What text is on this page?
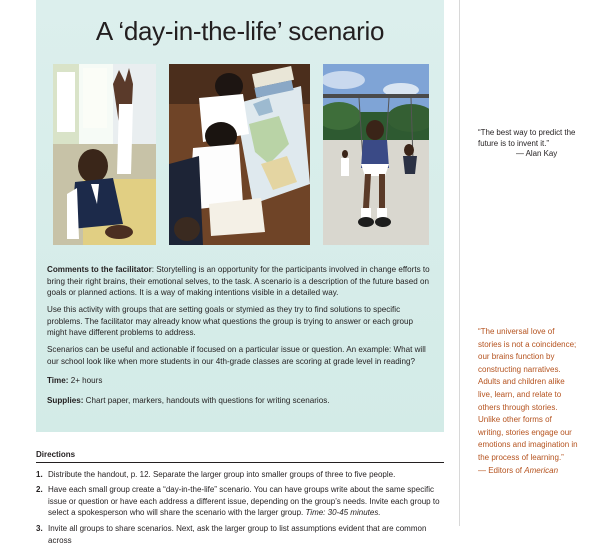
A ‘day-in-the-life’ scenario

Comments to the facilitator: Storytelling is an opportunity for the participants involved in change efforts to bring their right brains, their emotional selves, to the task. A scenario is a description of the future based on goals or planned actions. It is a way of making intentions visible in a detailed way.

Use this activity with groups that are setting goals or stymied as they try to find solutions to specific problems. The facilitator may already know what questions the group is trying to answer or each group might have different problems to address.

Scenarios can be useful and actionable if focused on a particular issue or question. An example: What will our school look like when more students in our 4th-grade classes are scoring at grade level in reading?

Time: 2+ hours

Supplies: Chart paper, markers, handouts with questions for writing scenarios.

“The best way to predict the future is to invent it.”
— Alan Kay
“The universal love of stories is not a coincidence; our brains function by constructing narratives. Adults and children alike live, learn, and relate to others through stories. Unlike other forms of writing, stories engage our emotions and imagination in the process of learning.”
— Editors of American
Directions
1. Distribute the handout, p. 12. Separate the larger group into smaller groups of three to five people.
2. Have each small group create a “day-in-the-life” scenario. You can have groups write about the same specific issue or question or have each address a different issue, depending on the group’s needs. Invite each group to select a spokesperson who will share the scenario with the larger group. Time: 30-45 minutes.
3. Invite all groups to share scenarios. Next, ask the larger group to list assumptions evident that are common across
